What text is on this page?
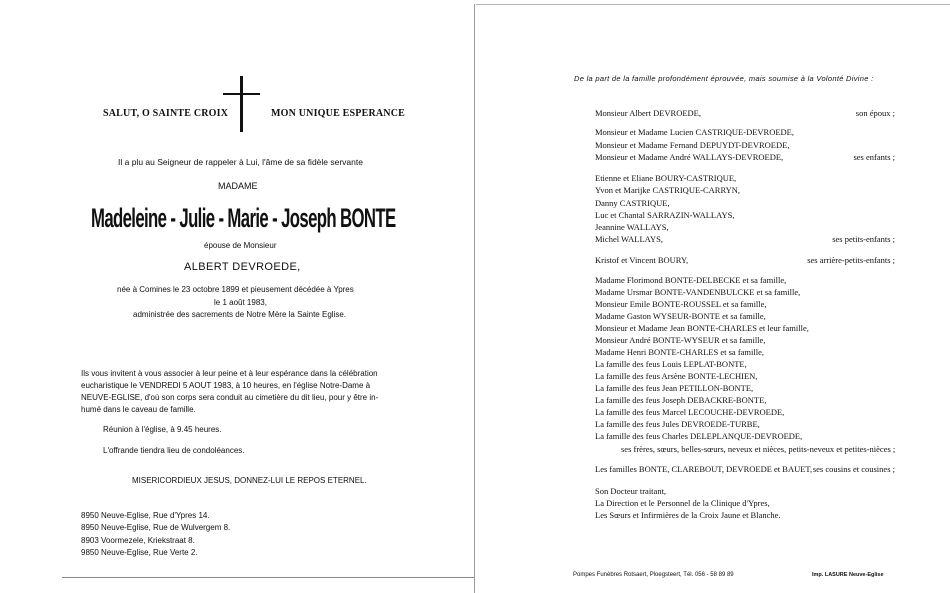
SALUT, O SAINTE CROIX	MON UNIQUE ESPERANCE
Il a plu au Seigneur de rappeler à Lui, l'âme de sa fidèle servante
MADAME
Madeleine - Julie - Marie - Joseph BONTE
épouse de Monsieur
ALBERT DEVROEDE,
née à Comines le 23 octobre 1899 et pieusement décédée à Ypres
le 1 août 1983,
administrée des sacrements de Notre Mère la Sainte Eglise.
Ils vous invitent à vous associer à leur peine et à leur espérance dans la célébration
eucharistique le VENDREDI 5 AOUT 1983, à 10 heures, en l'église Notre-Dame à
NEUVE-EGLISE, d'où son corps sera conduit au cimetière du dit lieu, pour y être in-
humé dans le caveau de famille.
Réunion à l'église, à 9.45 heures.
L'offrande tiendra lieu de condoléances.
MISERICORDIEUX JESUS, DONNEZ-LUI LE REPOS ETERNEL.
8950 Neuve-Eglise, Rue d'Ypres 14.
8950 Neuve-Eglise, Rue de Wulvergem 8.
8903 Voormezele, Kriekstraat 8.
9850 Neuve-Eglise, Rue Verte 2.
De la part de la famille profondément éprouvée, mais soumise à la Volonté Divine :
Monsieur Albert DEVROEDE,	son époux ;
Monsieur et Madame Lucien CASTRIQUE-DEVROEDE,
Monsieur et Madame Fernand DEPUYDT-DEVROEDE,
Monsieur et Madame André WALLAYS-DEVROEDE,	ses enfants ;
Etienne et Eliane BOURY-CASTRIQUE,
Yvon et Marijke CASTRIQUE-CARRYN,
Danny CASTRIQUE,
Luc et Chantal SARRAZIN-WALLAYS,
Jeannine WALLAYS,
Michel WALLAYS,	ses petits-enfants ;
Kristof et Vincent BOURY,	ses arrière-petits-enfants ;
Madame Florimond BONTE-DELBECKE et sa famille,
Madame Ursmar BONTE-VANDENBULCKE et sa famille,
Monsieur Emile BONTE-ROUSSEL et sa famille,
Madame Gaston WYSEUR-BONTE et sa famille,
Monsieur et Madame Jean BONTE-CHARLES et leur famille,
Monsieur André BONTE-WYSEUR et sa famille,
Madame Henri BONTE-CHARLES et sa famille,
La famille des feus Louis LEPLAT-BONTE,
La famille des feus Arsène BONTE-LECHIEN,
La famille des feus Jean PETILLON-BONTE,
La famille des feus Joseph DEBACKRE-BONTE,
La famille des feus Marcel LECOUCHE-DEVROEDE,
La famille des feus Jules DEVROEDE-TURBE,
La famille des feus Charles DELEPLANQUE-DEVROEDE,
ses frères, sœurs, belles-sœurs, neveux et nièces, petits-neveux et petites-nièces ;
Les familles BONTE, CLAREBOUT, DEVROEDE et BAUET, ses cousins et cousines ;
Son Docteur traitant,
La Direction et le Personnel de la Clinique d'Ypres,
Les Sœurs et Infirmières de la Croix Jaune et Blanche.
Pompes Funèbres Rotsaert, Ploegsteert, Tél. 056 - 58 89 89	Imp. LASURE Neuve-Eglise
